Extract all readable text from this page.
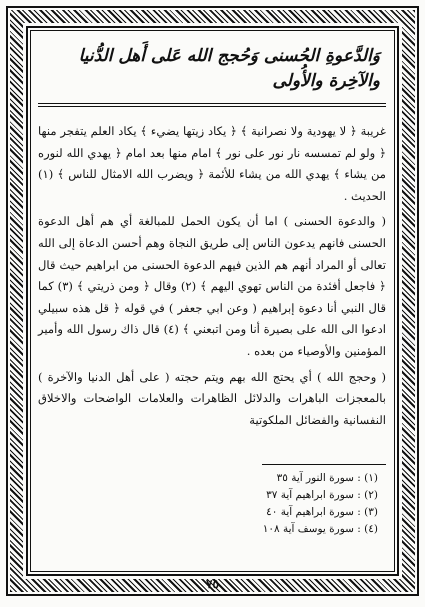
وَالدَّعوةِ الحُسنى وَحُجج الله عَلى أَهل الدُّنيا والآخِرة والأُولى

غريبة ﴿ لا يهودية ولا نصرانية ﴾ ﴿ يكاد زيتها يضيء ﴾ يكاد العلم يتفجر منها ﴿ ولو لم تمسسه نار نور على نور ﴾ امام منها بعد امام ﴿ يهدي الله لنوره من يشاء ﴾ يهدي الله من يشاء للأئمة ﴿ ويضرب الله الامثال للناس ﴾ (١) الحديث .

( والدعوة الحسنى ) اما أن يكون الحمل للمبالغة أي هم أهل الدعوة الحسنى فانهم يدعون الناس إلى طريق النجاة وهم أحسن الدعاة إلى الله تعالى أو المراد أنهم هم الذين فيهم الدعوة الحسنى من ابراهيم حيث قال ﴿ فاجعل أفئدة من الناس تهوي اليهم ﴾ (٢) وقال ﴿ ومن ذريتي ﴾ (٣) كما قال النبي أنا دعوة إبراهيم ( وعن ابي جعفر ) في قوله ﴿ قل هذه سبيلي ادعوا الى الله على بصيرة أنا ومن اتبعني ﴾ (٤) قال ذاك رسول الله وأمير المؤمنين والأوصياء من بعده .

( وحجج الله ) أي يحتج الله بهم ويتم حجته ( على أهل الدنيا والآخرة ) بالمعجزات الباهرات والدلائل الظاهرات والعلامات الواضحات والاخلاق النفسانية والفضائل الملكوتية

(١) : سورة النور آية ٣٥
(٢) : سورة ابراهيم آية ٣٧
(٣) : سورة ابراهيم آية ٤٠
(٤) : سورة يوسف آية ١٠٨
٧٥
